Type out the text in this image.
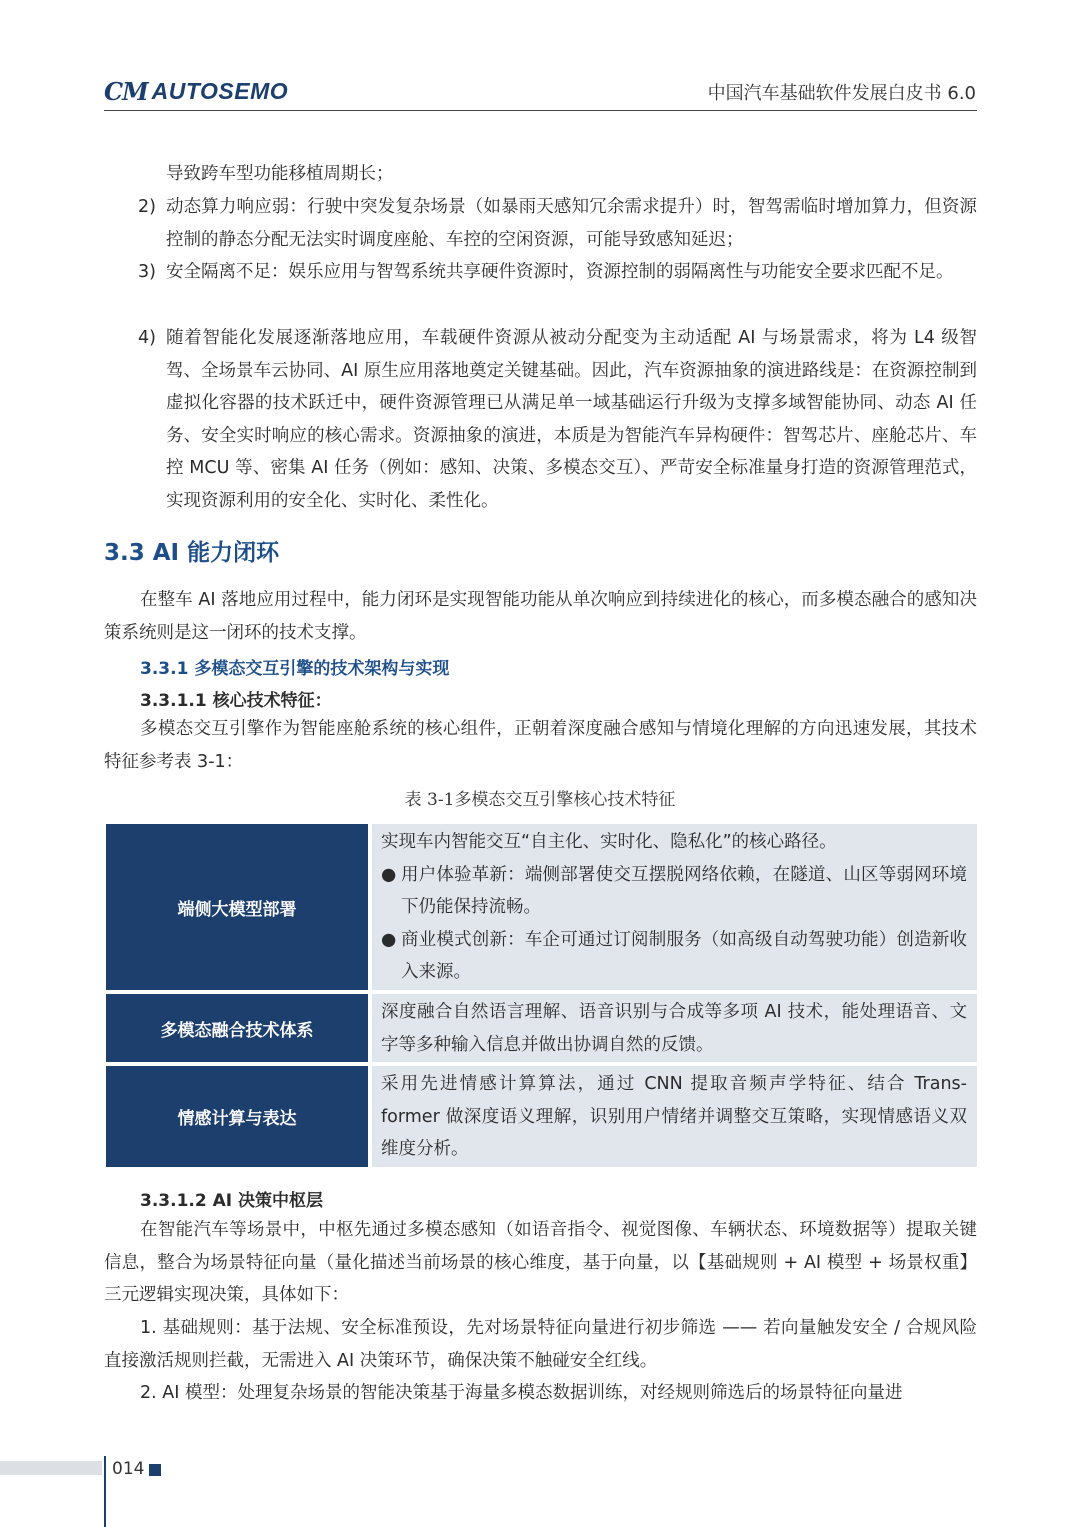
CM AUTOSEMO	中国汽车基础软件发展白皮书 6.0

导致跨车型功能移植周期长；

2) 动态算力响应弱：行驶中突发复杂场景（如暴雨天感知冗余需求提升）时，智驾需临时增加算力，但资源控制的静态分配无法实时调度座舱、车控的空闲资源，可能导致感知延迟；
3) 安全隔离不足：娱乐应用与智驾系统共享硬件资源时，资源控制的弱隔离性与功能安全要求匹配不足。
4) 随着智能化发展逐渐落地应用，车载硬件资源从被动分配变为主动适配 AI 与场景需求，将为 L4 级智驾、全场景车云协同、AI 原生应用落地奠定关键基础。因此，汽车资源抽象的演进路线是：在资源控制到虚拟化容器的技术跃迁中，硬件资源管理已从满足单一域基础运行升级为支撑多域智能协同、动态 AI 任务、安全实时响应的核心需求。资源抽象的演进，本质是为智能汽车异构硬件：智驾芯片、座舱芯片、车控 MCU 等、密集 AI 任务（例如：感知、决策、多模态交互）、严苛安全标准量身打造的资源管理范式，实现资源利用的安全化、实时化、柔性化。
3.3 AI 能力闭环

在整车 AI 落地应用过程中，能力闭环是实现智能功能从单次响应到持续进化的核心，而多模态融合的感知决策系统则是这一闭环的技术支撑。

3.3.1 多模态交互引擎的技术架构与实现
3.3.1.1 核心技术特征：

多模态交互引擎作为智能座舱系统的核心组件，正朝着深度融合感知与情境化理解的方向迅速发展，其技术特征参考表 3-1：

表 3-1多模态交互引擎核心技术特征
端侧大模型部署
实现车内智能交互“自主化、实时化、隐私化”的核心路径。
● 用户体验革新：端侧部署使交互摆脱网络依赖，在隧道、山区等弱网环境下仍能保持流畅。
● 商业模式创新：车企可通过订阅制服务（如高级自动驾驶功能）创造新收入来源。
多模态融合技术体系
深度融合自然语言理解、语音识别与合成等多项 AI 技术，能处理语音、文字等多种输入信息并做出协调自然的反馈。
情感计算与表达
采用先进情感计算算法，通过 CNN 提取音频声学特征、结合 Trans-former 做深度语义理解，识别用户情绪并调整交互策略，实现情感语义双维度分析。
3.3.1.2 AI 决策中枢层

在智能汽车等场景中，中枢先通过多模态感知（如语音指令、视觉图像、车辆状态、环境数据等）提取关键信息，整合为场景特征向量（量化描述当前场景的核心维度，基于向量，以【基础规则 + AI 模型 + 场景权重】三元逻辑实现决策，具体如下：

1. 基础规则：基于法规、安全标准预设，先对场景特征向量进行初步筛选 —— 若向量触发安全 / 合规风险直接激活规则拦截，无需进入 AI 决策环节，确保决策不触碰安全红线。

2. AI 模型：处理复杂场景的智能决策基于海量多模态数据训练，对经规则筛选后的场景特征向量进

014
